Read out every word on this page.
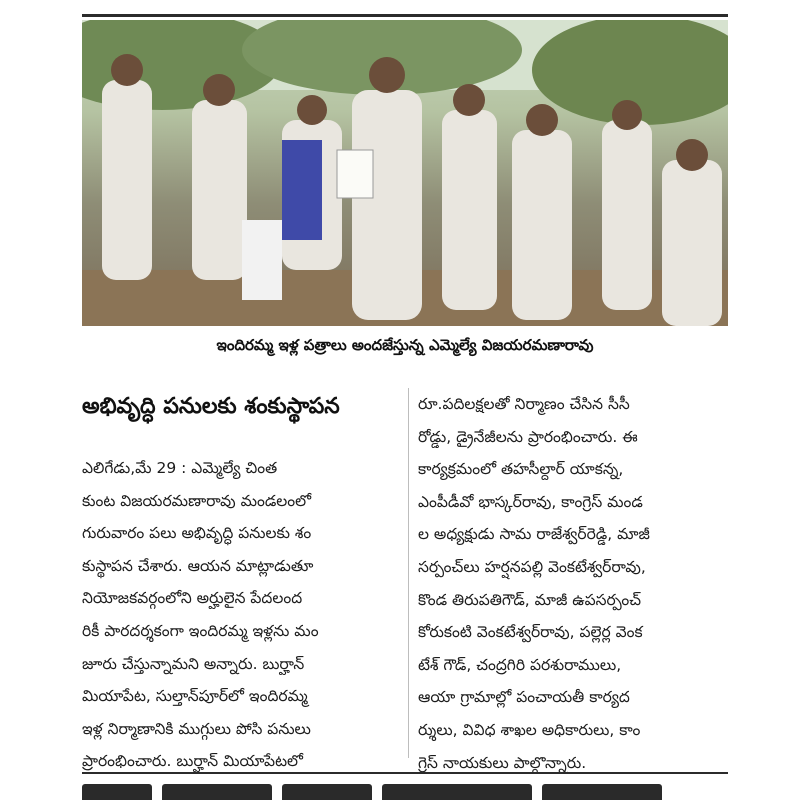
ఇందిరమ్మ ఇళ్ల పత్రాలు అందజేస్తున్న ఎమ్మెల్యే విజయరమణారావు
అభివృద్ధి పనులకు శంకుస్థాపన
ఎలిగేడు,మే 29 : ఎమ్మెల్యే చింత
కుంట విజయరమణారావు మండలంలో
గురువారం పలు అభివృద్ధి పనులకు శం
కుస్థాపన చేశారు. ఆయన మాట్లాడుతూ
నియోజకవర్గంలోని అర్హులైన పేదలంద
రికీ పారదర్శకంగా ఇందిరమ్మ ఇళ్లను మం
జూరు చేస్తున్నామని అన్నారు. బుర్హాన్
మియాపేట, సుల్తాన్‌పూర్‌లో ఇందిరమ్మ
ఇళ్ల నిర్మాణానికి ముగ్గులు పోసి పనులు
ప్రారంభించారు. బుర్హాన్ మియాపేటలో
రూ.పదిలక్షలతో నిర్మాణం చేసిన సీసీ
రోడ్డు, డ్రైనేజీలను ప్రారంభించారు. ఈ
కార్యక్రమంలో తహసీల్దార్ యాకన్న,
ఎంపీడీవో భాస్కర్‌రావు, కాంగ్రెస్ మండ
ల అధ్యక్షుడు సామ రాజేశ్వర్‌రెడ్డి, మాజీ
సర్పంచ్‌లు హర్షనపల్లి వెంకటేశ్వర్‌రావు,
కొండ తిరుపతిగౌడ్, మాజీ ఉపసర్పంచ్
కోరుకంటి వెంకటేశ్వర్‌రావు, పల్లెర్ల వెంక
టేశ్ గౌడ్, చంద్రగిరి పరశురాములు,
ఆయా గ్రామాల్లో పంచాయతీ కార్యద
ర్శులు, వివిధ శాఖల అధికారులు, కాం
గ్రెస్ నాయకులు పాల్గొన్నారు.
